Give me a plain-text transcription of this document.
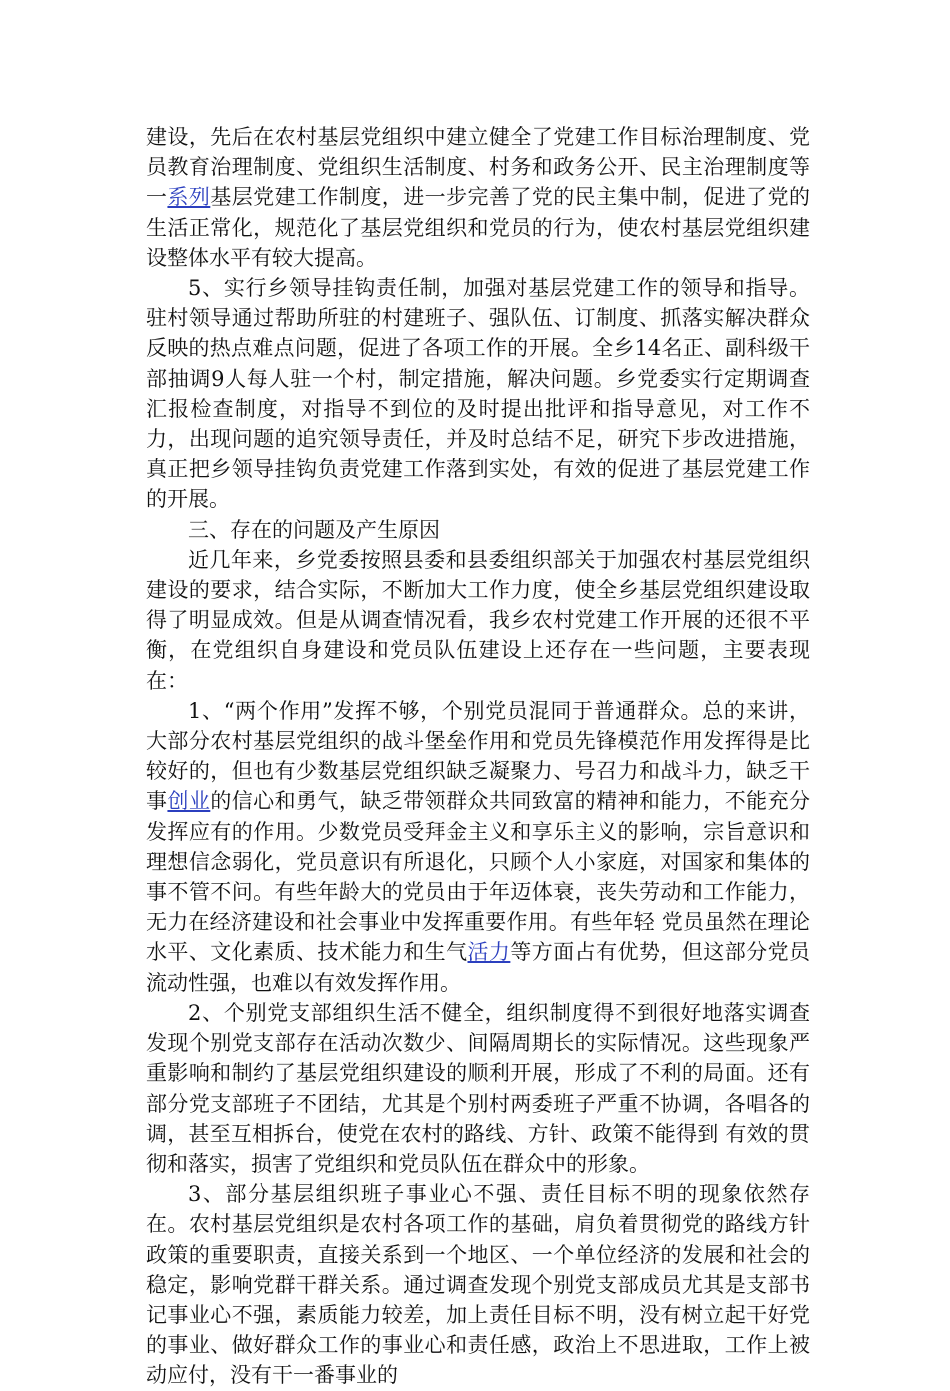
建设，先后在农村基层党组织中建立健全了党建工作目标治理制度、党员教育治理制度、党组织生活制度、村务和政务公开、民主治理制度等一系列基层党建工作制度，进一步完善了党的民主集中制，促进了党的生活正常化，规范化了基层党组织和党员的行为，使农村基层党组织建设整体水平有较大提高。

5、实行乡领导挂钩责任制，加强对基层党建工作的领导和指导。驻村领导通过帮助所驻的村建班子、强队伍、订制度、抓落实解决群众反映的热点难点问题，促进了各项工作的开展。全乡14名正、副科级干部抽调9人每人驻一个村，制定措施，解决问题。乡党委实行定期调查汇报检查制度，对指导不到位的及时提出批评和指导意见，对工作不力，出现问题的追究领导责任，并及时总结不足，研究下步改进措施，真正把乡领导挂钩负责党建工作落到实处，有效的促进了基层党建工作的开展。

三、存在的问题及产生原因

近几年来，乡党委按照县委和县委组织部关于加强农村基层党组织建设的要求，结合实际，不断加大工作力度，使全乡基层党组织建设取得了明显成效。但是从调查情况看，我乡农村党建工作开展的还很不平衡，在党组织自身建设和党员队伍建设上还存在一些问题，主要表现在：

1、“两个作用”发挥不够，个别党员混同于普通群众。总的来讲，大部分农村基层党组织的战斗堡垒作用和党员先锋模范作用发挥得是比较好的，但也有少数基层党组织缺乏凝聚力、号召力和战斗力，缺乏干事创业的信心和勇气，缺乏带领群众共同致富的精神和能力，不能充分发挥应有的作用。少数党员受拜金主义和享乐主义的影响，宗旨意识和理想信念弱化，党员意识有所退化，只顾个人小家庭，对国家和集体的事不管不问。有些年龄大的党员由于年迈体衰，丧失劳动和工作能力，无力在经济建设和社会事业中发挥重要作用。有些年轻 党员虽然在理论水平、文化素质、技术能力和生气活力等方面占有优势，但这部分党员流动性强，也难以有效发挥作用。

2、个别党支部组织生活不健全，组织制度得不到很好地落实调查发现个别党支部存在活动次数少、间隔周期长的实际情况。这些现象严重影响和制约了基层党组织建设的顺利开展，形成了不利的局面。还有部分党支部班子不团结，尤其是个别村两委班子严重不协调，各唱各的调，甚至互相拆台，使党在农村的路线、方针、政策不能得到 有效的贯彻和落实，损害了党组织和党员队伍在群众中的形象。

3、部分基层组织班子事业心不强、责任目标不明的现象依然存在。农村基层党组织是农村各项工作的基础，肩负着贯彻党的路线方针政策的重要职责，直接关系到一个地区、一个单位经济的发展和社会的稳定，影响党群干群关系。通过调查发现个别党支部成员尤其是支部书记事业心不强，素质能力较差，加上责任目标不明，没有树立起干好党的事业、做好群众工作的事业心和责任感，政治上不思进取，工作上被动应付，没有干一番事业的
